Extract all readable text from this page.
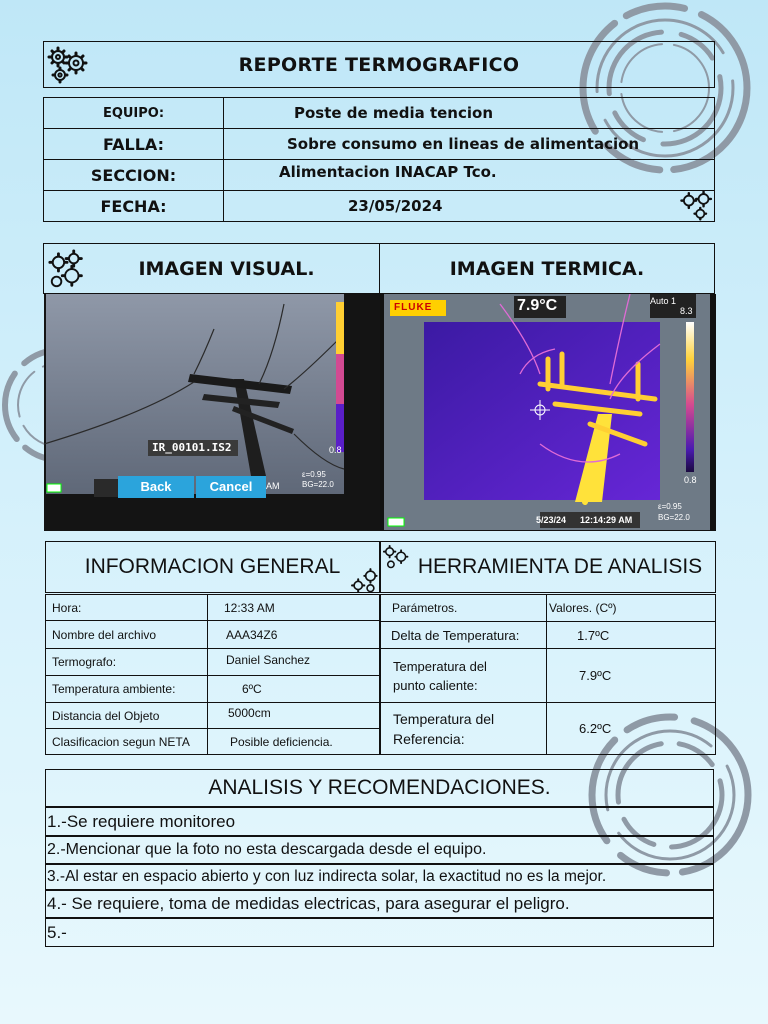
REPORTE TERMOGRAFICO
EQUIPO:	Poste de media tencion
FALLA:	Sobre consumo en lineas de alimentacion
SECCION:	Alimentacion INACAP Tco.
FECHA:	23/05/2024
IMAGEN VISUAL.	IMAGEN TERMICA.
IR_00101.IS2
Back	Cancel	AM
0.8
ε=0.95
BG=22.0
FLUKE	7.9°C	Auto 1
8.3
0.8
5/23/24 12:14:29 AM
ε=0.95
BG=22.0
INFORMACION GENERAL
Hora:	12:33 AM
Nombre del archivo	AAA34Z6
Termografo:	Daniel Sanchez
Temperatura ambiente:	6ºC
Distancia del Objeto	5000cm
Clasificacion segun NETA	Posible deficiencia.
HERRAMIENTA DE ANALISIS
Parámetros.	Valores. (Cº)
Delta de Temperatura:	1.7ºC
Temperatura del
punto caliente:	7.9ºC
Temperatura del
Referencia:	6.2ºC
ANALISIS Y RECOMENDACIONES.
1.-Se requiere monitoreo
2.-Mencionar que la foto no esta descargada desde el equipo.
3.-Al estar en espacio abierto y con luz indirecta solar, la exactitud no es la mejor.
4.- Se requiere, toma de medidas electricas, para asegurar el peligro.
5.-
